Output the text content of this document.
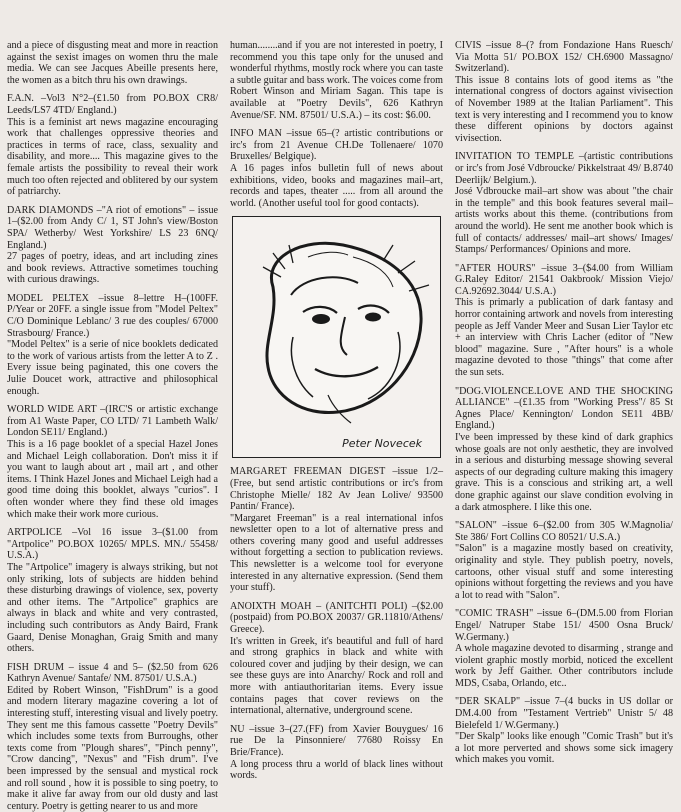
and a piece of disgusting meat and more in reaction against the sexist images on women thru the male media. We can see Jacques Abeille presents here, the women as a bitch thru his own drawings.

F.A.N. –Vol3 N°2–(£1.50 from PO.BOX CR8/ Leeds/LS7 4TD/ England.)
This is a feminist art news magazine encouraging work that challenges oppressive theories and practices in terms of race, class, sexuality and disability, and more.... This magazine gives to the female artists the possibility to reveal their work much too often rejected and oblitered by our system of patriarchy.
DARK DIAMONDS –"A riot of emotions" – issue 1–($2.00 from Andy C/ 1, ST John's view/Boston SPA/ Wetherby/ West Yorkshire/ LS 23 6NQ/ England.)
27 pages of poetry, ideas, and art including zines and book reviews. Attractive sometimes touching with curious drawings.
MODEL PELTEX –issue 8–lettre H–(100FF. P/Year or 20FF. a single issue from "Model Peltex" C/O Dominique Leblanc/ 3 rue des couples/ 67000 Strasbourg/ France.)
"Model Peltex" is a serie of nice booklets dedicated to the work of various artists from the letter A to Z . Every issue being paginated, this one covers the Julie Doucet work, attractive and philosophical enough.
WORLD WIDE ART –(IRC'S or artistic exchange from A1 Waste Paper, CO LTD/ 71 Lambeth Walk/ London SE11/ England.)
This is a 16 page booklet of a special Hazel Jones and Michael Leigh collaboration. Don't miss it if you want to laugh about art , mail art , and other items. I Think Hazel Jones and Michael Leigh had a good time doing this booklet, always "curios". I often wonder where they find these old images which make their work more curious.
ARTPOLICE –Vol 16 issue 3–($1.00 from "Artpolice" PO.BOX 10265/ MPLS. MN./ 55458/ U.S.A.)
The "Artpolice" imagery is always striking, but not only striking, lots of subjects are hidden behind these disturbing drawings of violence, sex, poverty and other items. The "Artpolice" graphics are always in black and white and very contrasted, including such contributors as Andy Baird, Frank Gaard, Denise Monaghan, Graig Smith and many others.
FISH DRUM – issue 4 and 5– ($2.50 from 626 Kathryn Avenue/ Santafe/ NM. 87501/ U.S.A.)
Edited by Robert Winson, "FishDrum" is a good and modern literary magazine covering a lot of interesting stuff, interesting visual and lively poetry. They sent me this famous cassette "Poetry Devils" which includes some texts from Burroughs, other texts come from "Plough shares", "Pinch penny", "Crow dancing", "Nexus" and "Fish drum". I've been impressed by the sensual and mystical rock and roll sound , how it is possible to sing poetry, to make it alive far away from our old dusty and last century. Poetry is getting nearer to us and more

human........and if you are not interested in poetry, I recommend you this tape only for the unused and wonderful rhythms, mostly rock where you can taste a subtle guitar and bass work. The voices come from Robert Winson and Miriam Sagan. This tape is available at "Poetry Devils", 626 Kathryn Avenue/SF. NM. 87501/ U.S.A.) – its cost: $6.00.

INFO MAN –issue 65–(? artistic contributions or irc's from 21 Avenue CH.De Tollenaere/ 1070 Bruxelles/ Belgique).
A 16 pages infos bulletin full of news about exhibitions, video, books and magazines mail–art, records and tapes, theater ..... from all around the world. (Another useful tool for good contacts).
Peter Novecek
MARGARET FREEMAN DIGEST –issue 1/2– (Free, but send artistic contributions or irc's from Christophe Mielle/ 182 Av Jean Lolive/ 93500 Pantin/ France).
"Margaret Freeman" is a real international infos newsletter open to a lot of alternative press and others covering many good and useful addresses without forgetting a section to publication reviews. This newsletter is a welcome tool for everyone interested in any alternative expression. (Send them your stuff).
ANOIXTH MOAH – (ANITCHTI POLI) –($2.00 (postpaid) from PO.BOX 20037/ GR.11810/Athens/ Greece).
It's written in Greek, it's beautiful and full of hard and strong graphics in black and white with coloured cover and judjing by their design, we can see these guys are into Anarchy/ Rock and roll and more with antiauthoritarian items. Every issue contains pages that cover reviews on the international, alternative, underground scene.
NU –issue 3–(27.(FF) from Xavier Bouygues/ 16 rue De la Pinsonniere/ 77680 Roissy En Brie/France).
A long process thru a world of black lines without words.
CIVIS –issue 8–(? from Fondazione Hans Ruesch/ Via Motta 51/ PO.BOX 152/ CH.6900 Massagno/ Switzerland).
This issue 8 contains lots of good items as "the international congress of doctors against vivisection of November 1989 at the Italian Parliament". This text is very interesting and I recommend you to know these different opinions by doctors against vivisection.
INVITATION TO TEMPLE –(artistic contributions or irc's from José Vdbroucke/ Pikkelstraat 49/ B.8740 Deerlijk/ Belgium.).
José Vdbroucke mail–art show was about "the chair in the temple" and this book features several mail–artists works about this theme. (contributions from around the world). He sent me another book which is full of contacts/ addresses/ mail–art shows/ Images/ Stamps/ Performances/ Opinions and more.
"AFTER HOURS" –issue 3–($4.00 from William G.Raley Editor/ 21541 Oakbrook/ Mission Viejo/ CA.92692.3044/ U.S.A.)
This is primarly a publication of dark fantasy and horror containing artwork and novels from interesting people as Jeff Vander Meer and Susan Lier Taylor etc + an interview with Chris Lacher (editor of "New blood" magazine. Sure , "After hours" is a whole magazine devoted to those "things" that come after the sun sets.
"DOG.VIOLENCE.LOVE AND THE SHOCKING ALLIANCE" –(£1.35 from "Working Press"/ 85 St Agnes Place/ Kennington/ London SE11 4BB/ England.)
I've been impressed by these kind of dark graphics whose goals are not only aesthetic, they are involved in a serious and disturbing message showing several aspects of our degrading culture making this imagery grave. This is a conscious and striking art, a well done graphic against our slave condition evolving in a dark atmosphere. I like this one.
"SALON" –issue 6–($2.00 from 305 W.Magnolia/ Ste 386/ Fort Collins CO 80521/ U.S.A.)
"Salon" is a magazine mostly based on creativity, originality and style. They publish poetry, novels, cartoons, other visual stuff and some interesting opinions without forgetting the reviews and you have a lot to read with "Salon".
"COMIC TRASH" –issue 6–(DM.5.00 from Florian Engel/ Natruper Stabe 151/ 4500 Osna Bruck/ W.Germany.)
A whole magazine devoted to disarming , strange and violent graphic mostly morbid, noticed the excellent work by Jeff Gaither. Other contributors include MDS, Csaba, Orlando, etc..
"DER SKALP" –issue 7–(4 bucks in US dollar or DM.4.00 from "Testament Vertrieb" Unistr 5/ 48 Bielefeld 1/ W.Germany.)
"Der Skalp" looks like enough "Comic Trash" but it's a lot more perverted and shows some sick imagery which makes you vomit.
